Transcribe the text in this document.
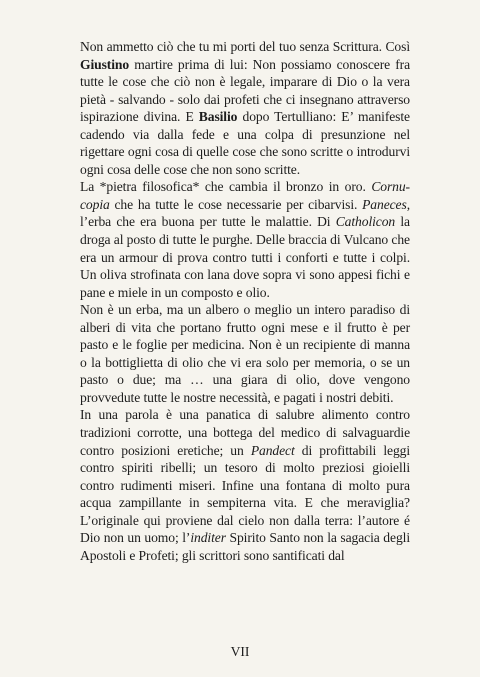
Non ammetto ciò che tu mi porti del tuo senza Scrittura. Così Giustino martire prima di lui: Non possiamo conoscere fra tutte le cose che ciò non è legale, imparare di Dio o la vera pietà - salvando - solo dai profeti che ci insegnano attraverso ispirazione divina. E Basilio dopo Tertulliano: E’ manifeste cadendo via dalla fede e una colpa di presunzione nel rigettare ogni cosa di quelle cose che sono scritte o introdurvi ogni cosa delle cose che non sono scritte.

La *pietra filosofica* che cambia il bronzo in oro. Cornu-copia che ha tutte le cose necessarie per cibarvisi. Paneces, l’erba che era buona per tutte le malattie. Di Catholicon la droga al posto di tutte le purghe. Delle braccia di Vulcano che era un armour di prova contro tutti i conforti e tutte i colpi. Un oliva strofinata con lana dove sopra vi sono appesi fichi e pane e miele in un composto e olio.

Non è un erba, ma un albero o meglio un intero paradiso di alberi di vita che portano frutto ogni mese e il frutto è per pasto e le foglie per medicina. Non è un recipiente di manna o la bottiglietta di olio che vi era solo per memoria, o se un pasto o due; ma … una giara di olio, dove vengono provvedute tutte le nostre necessità, e pagati i nostri debiti.

In una parola è una panatica di salubre alimento contro tradizioni corrotte, una bottega del medico di salvaguardie contro posizioni eretiche; un Pandect di profittabili leggi contro spiriti ribelli; un tesoro di molto preziosi gioielli contro rudimenti miseri. Infine una fontana di molto pura acqua zampillante in sempiterna vita. E che meraviglia? L’originale qui proviene dal cielo non dalla terra: l’autore é Dio non un uomo; l’inditer Spirito Santo non la sagacia degli Apostoli e Profeti; gli scrittori sono santificati dal

VII
